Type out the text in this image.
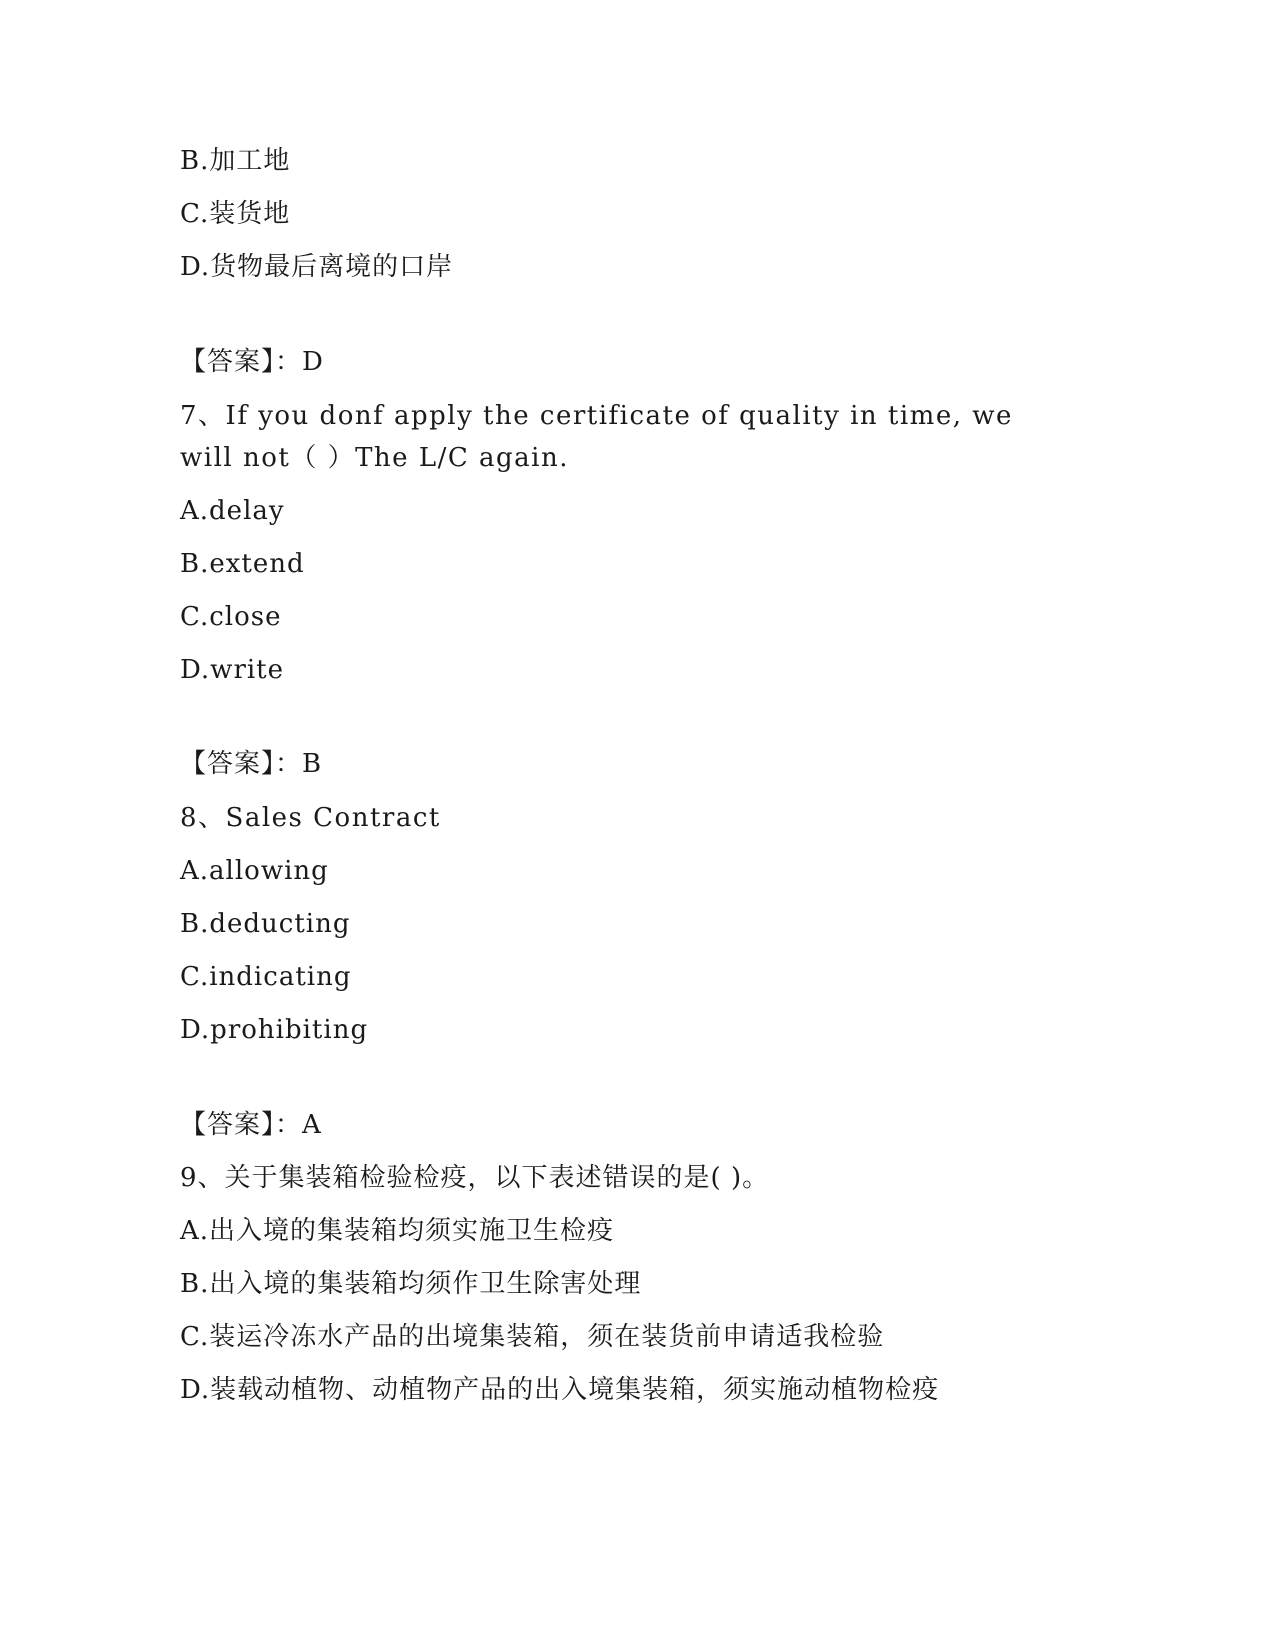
B.加工地
C.装货地
D.货物最后离境的口岸
【答案】：D
7、If you donf apply the certificate of quality in time, we
will not（ ）The L/C again.
A.delay
B.extend
C.close
D.write
【答案】：B
8、Sales Contract
A.allowing
B.deducting
C.indicating
D.prohibiting
【答案】：A
9、关于集装箱检验检疫，以下表述错误的是( )。
A.出入境的集装箱均须实施卫生检疫
B.出入境的集装箱均须作卫生除害处理
C.装运冷冻水产品的出境集装箱，须在装货前申请适我检验
D.装载动植物、动植物产品的出入境集装箱，须实施动植物检疫
